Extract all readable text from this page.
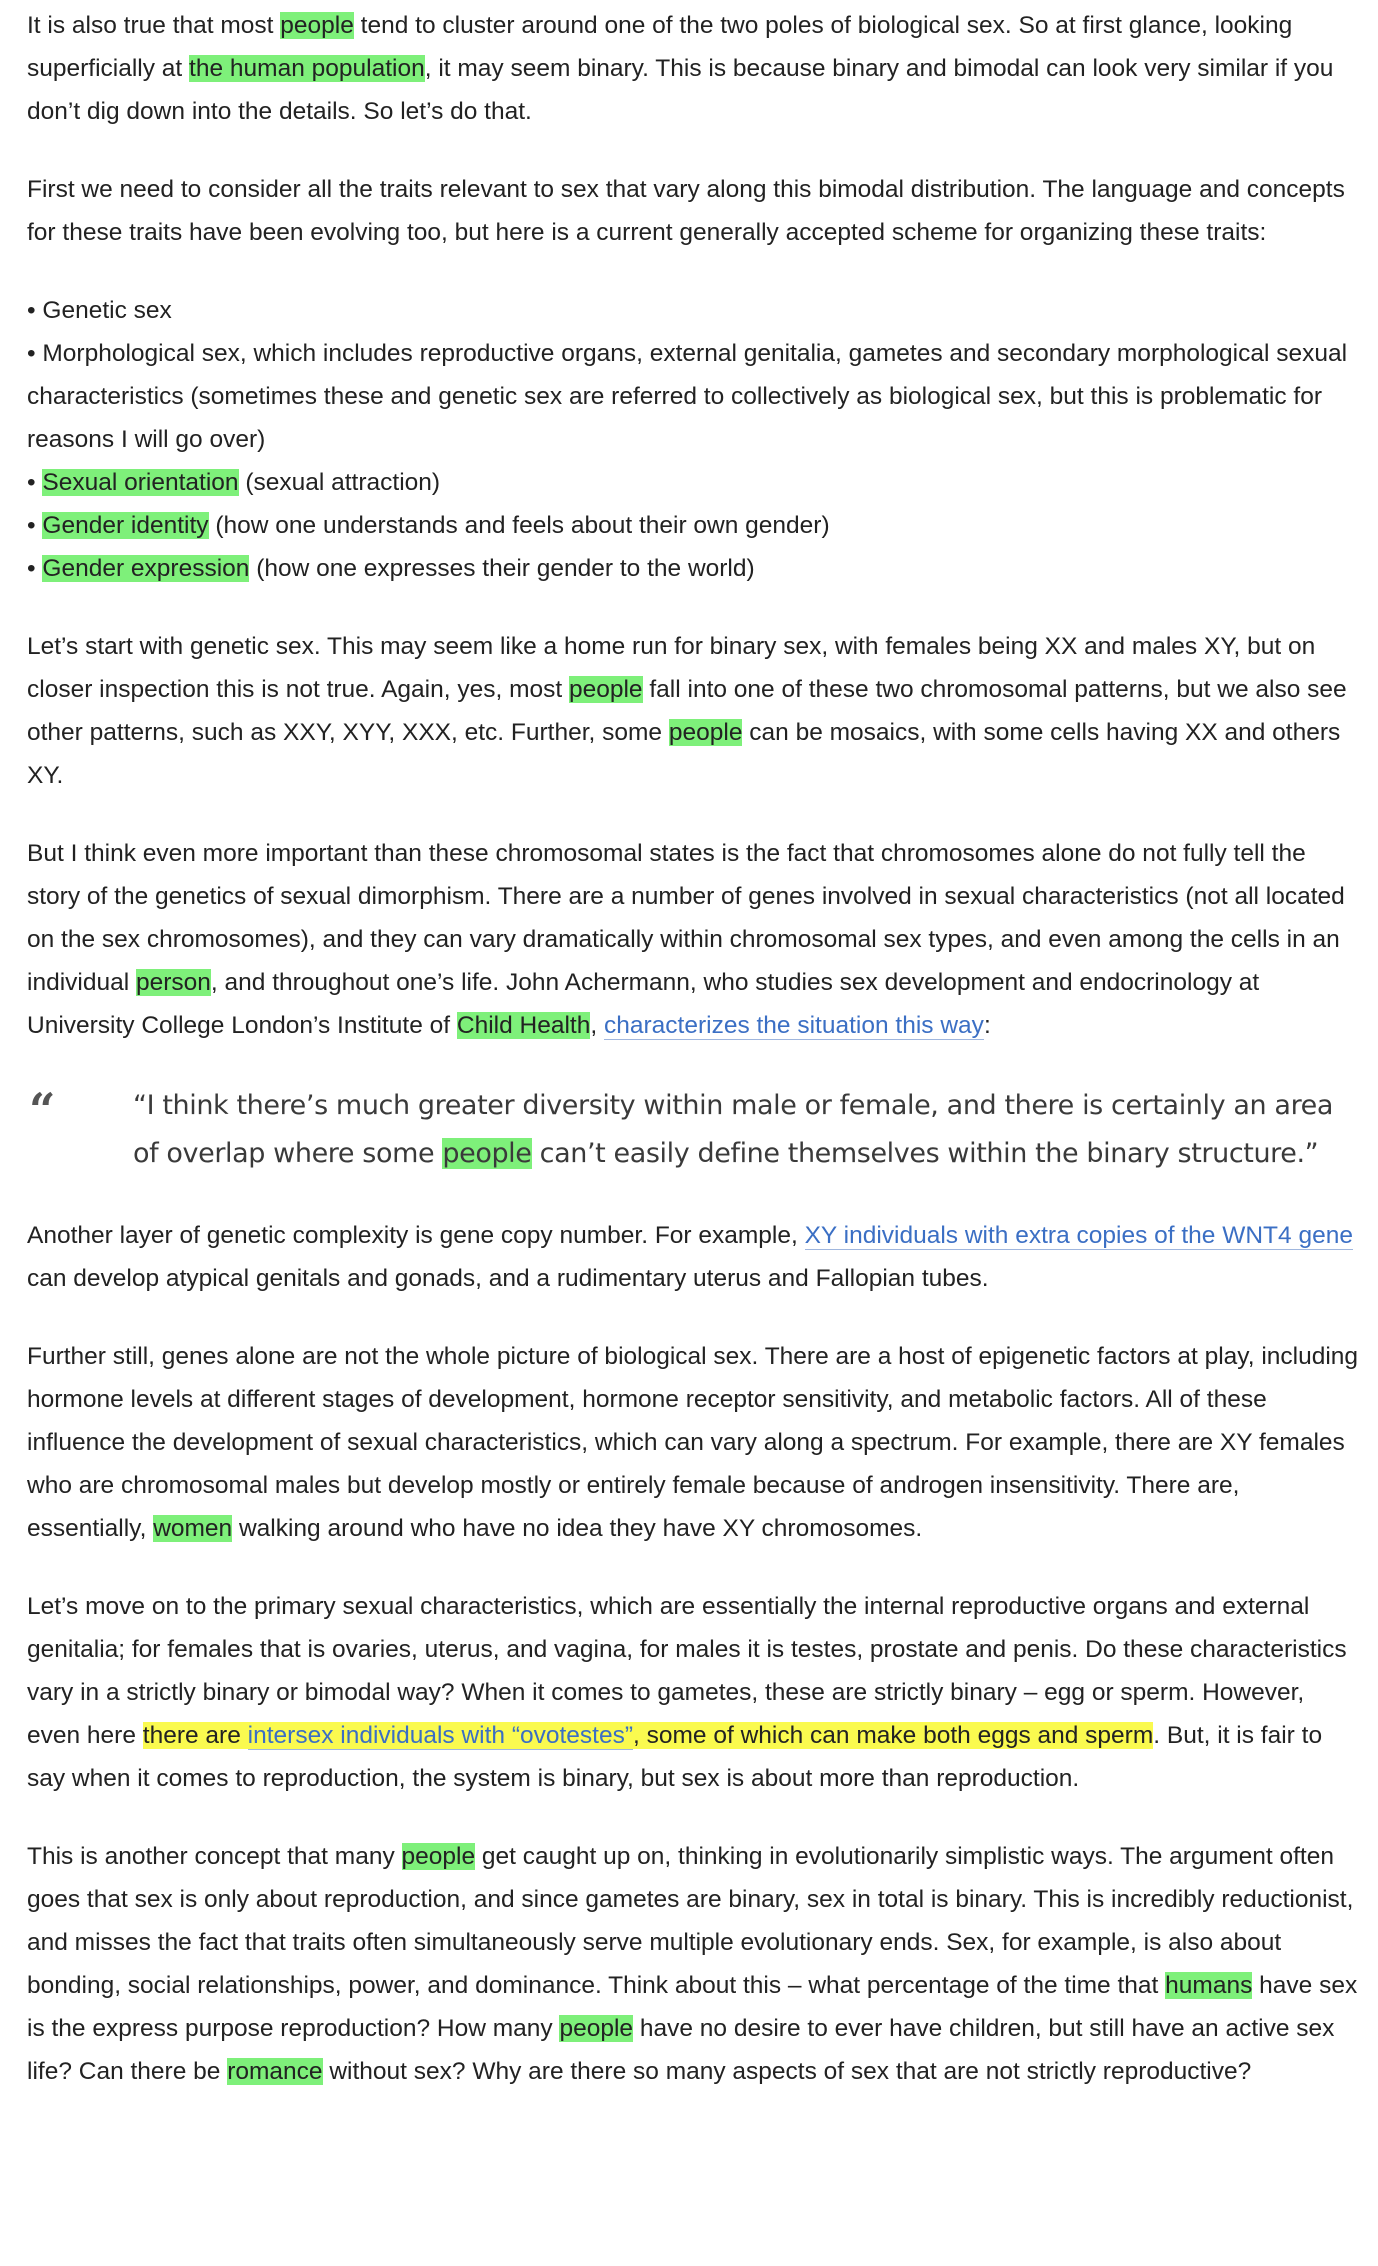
It is also true that most people tend to cluster around one of the two poles of biological sex. So at first glance, looking superficially at the human population, it may seem binary. This is because binary and bimodal can look very similar if you don’t dig down into the details. So let’s do that.

First we need to consider all the traits relevant to sex that vary along this bimodal distribution. The language and concepts for these traits have been evolving too, but here is a current generally accepted scheme for organizing these traits:

• Genetic sex
• Morphological sex, which includes reproductive organs, external genitalia, gametes and secondary morphological sexual characteristics (sometimes these and genetic sex are referred to collectively as biological sex, but this is problematic for reasons I will go over)
• Sexual orientation (sexual attraction)
• Gender identity (how one understands and feels about their own gender)
• Gender expression (how one expresses their gender to the world)

Let’s start with genetic sex. This may seem like a home run for binary sex, with females being XX and males XY, but on closer inspection this is not true. Again, yes, most people fall into one of these two chromosomal patterns, but we also see other patterns, such as XXY, XYY, XXX, etc. Further, some people can be mosaics, with some cells having XX and others XY.

But I think even more important than these chromosomal states is the fact that chromosomes alone do not fully tell the story of the genetics of sexual dimorphism. There are a number of genes involved in sexual characteristics (not all located on the sex chromosomes), and they can vary dramatically within chromosomal sex types, and even among the cells in an individual person, and throughout one’s life. John Achermann, who studies sex development and endocrinology at University College London’s Institute of Child Health, characterizes the situation this way:

“	“I think there’s much greater diversity within male or female, and there is certainly an area of overlap where some people can’t easily define themselves within the binary structure.”

Another layer of genetic complexity is gene copy number. For example, XY individuals with extra copies of the WNT4 gene can develop atypical genitals and gonads, and a rudimentary uterus and Fallopian tubes.

Further still, genes alone are not the whole picture of biological sex. There are a host of epigenetic factors at play, including hormone levels at different stages of development, hormone receptor sensitivity, and metabolic factors. All of these influence the development of sexual characteristics, which can vary along a spectrum. For example, there are XY females who are chromosomal males but develop mostly or entirely female because of androgen insensitivity. There are, essentially, women walking around who have no idea they have XY chromosomes.

Let’s move on to the primary sexual characteristics, which are essentially the internal reproductive organs and external genitalia; for females that is ovaries, uterus, and vagina, for males it is testes, prostate and penis. Do these characteristics vary in a strictly binary or bimodal way? When it comes to gametes, these are strictly binary – egg or sperm. However, even here there are intersex individuals with “ovotestes”, some of which can make both eggs and sperm. But, it is fair to say when it comes to reproduction, the system is binary, but sex is about more than reproduction.

This is another concept that many people get caught up on, thinking in evolutionarily simplistic ways. The argument often goes that sex is only about reproduction, and since gametes are binary, sex in total is binary. This is incredibly reductionist, and misses the fact that traits often simultaneously serve multiple evolutionary ends. Sex, for example, is also about bonding, social relationships, power, and dominance. Think about this – what percentage of the time that humans have sex is the express purpose reproduction? How many people have no desire to ever have children, but still have an active sex life? Can there be romance without sex? Why are there so many aspects of sex that are not strictly reproductive?
